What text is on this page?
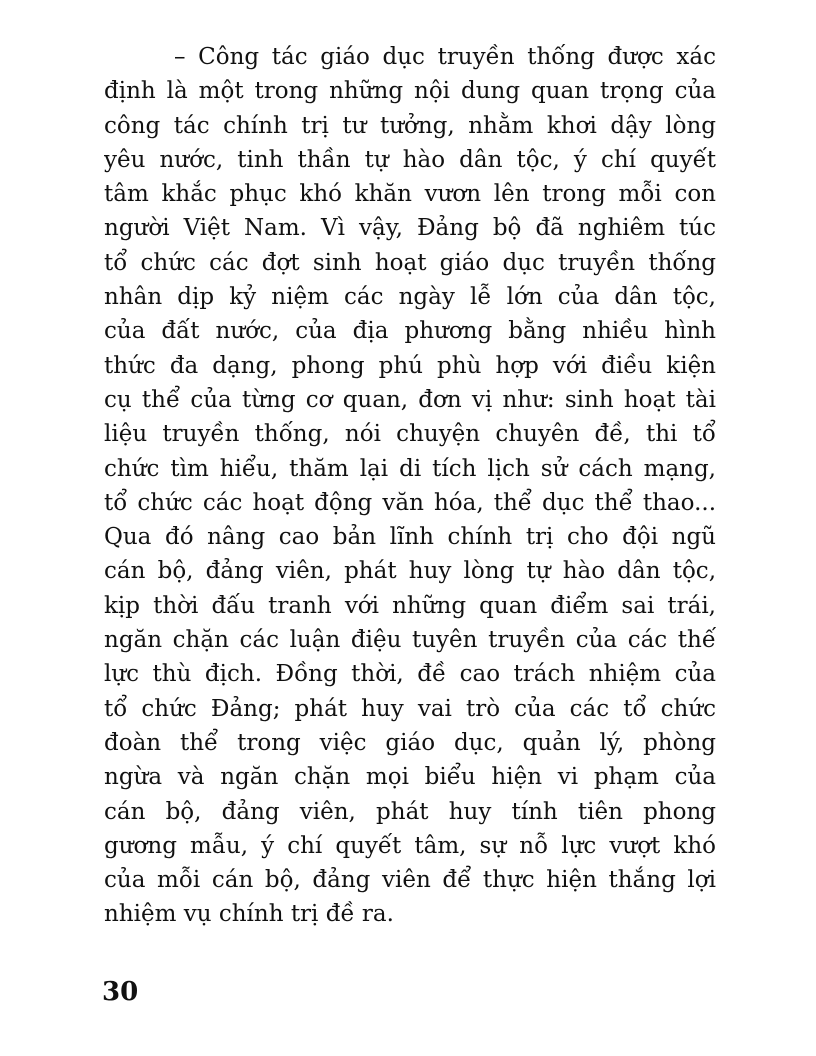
– Công tác giáo dục truyền thống được xác
định là một trong những nội dung quan trọng của
công tác chính trị tư tưởng, nhằm khơi dậy lòng
yêu nước, tinh thần tự hào dân tộc, ý chí quyết
tâm khắc phục khó khăn vươn lên trong mỗi con
người Việt Nam. Vì vậy, Đảng bộ đã nghiêm túc
tổ chức các đợt sinh hoạt giáo dục truyền thống
nhân dịp kỷ niệm các ngày lễ lớn của dân tộc,
của đất nước, của địa phương bằng nhiều hình
thức đa dạng, phong phú phù hợp với điều kiện
cụ thể của từng cơ quan, đơn vị như: sinh hoạt tài
liệu truyền thống, nói chuyện chuyên đề, thi tổ
chức tìm hiểu, thăm lại di tích lịch sử cách mạng,
tổ chức các hoạt động văn hóa, thể dục thể thao...
Qua đó nâng cao bản lĩnh chính trị cho đội ngũ
cán bộ, đảng viên, phát huy lòng tự hào dân tộc,
kịp thời đấu tranh với những quan điểm sai trái,
ngăn chặn các luận điệu tuyên truyền của các thế
lực thù địch. Đồng thời, đề cao trách nhiệm của
tổ chức Đảng; phát huy vai trò của các tổ chức
đoàn thể trong việc giáo dục, quản lý, phòng
ngừa và ngăn chặn mọi biểu hiện vi phạm của
cán bộ, đảng viên, phát huy tính tiên phong
gương mẫu, ý chí quyết tâm, sự nỗ lực vượt khó
của mỗi cán bộ, đảng viên để thực hiện thắng lợi
nhiệm vụ chính trị đề ra.
30
